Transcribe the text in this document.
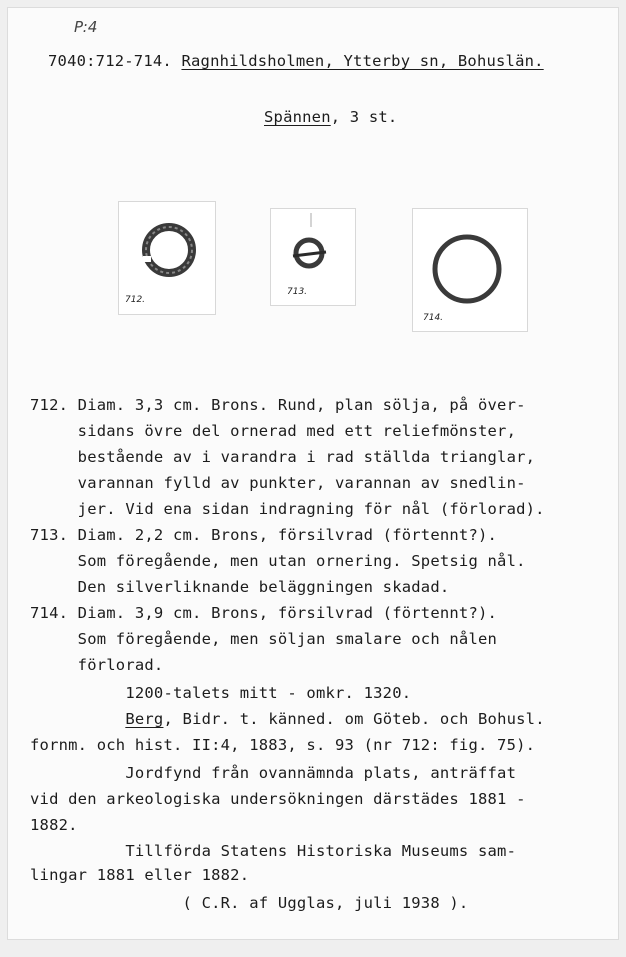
P:4
7040:712-714. Ragnhildsholmen, Ytterby sn, Bohuslän.
Spännen, 3 st.
712.
713.
714.
712. Diam. 3,3 cm. Brons. Rund, plan sölja, på över-
sidans övre del ornerad med ett reliefmönster,
bestående av i varandra i rad ställda trianglar,
varannan fylld av punkter, varannan av snedlin-
jer. Vid ena sidan indragning för nål (förlorad).
713. Diam. 2,2 cm. Brons, försilvrad (förtennt?).
Som föregående, men utan ornering. Spetsig nål.
Den silverliknande beläggningen skadad.
714. Diam. 3,9 cm. Brons, försilvrad (förtennt?).
Som föregående, men söljan smalare och nålen
förlorad.
1200-talets mitt - omkr. 1320.
Berg, Bidr. t. känned. om Göteb. och Bohusl.
fornm. och hist. II:4, 1883, s. 93 (nr 712: fig. 75).
Jordfynd från ovannämnda plats, anträffat
vid den arkeologiska undersökningen därstädes 1881 -
1882.
Tillförda Statens Historiska Museums sam-
lingar 1881 eller 1882.
( C.R. af Ugglas, juli 1938 ).
